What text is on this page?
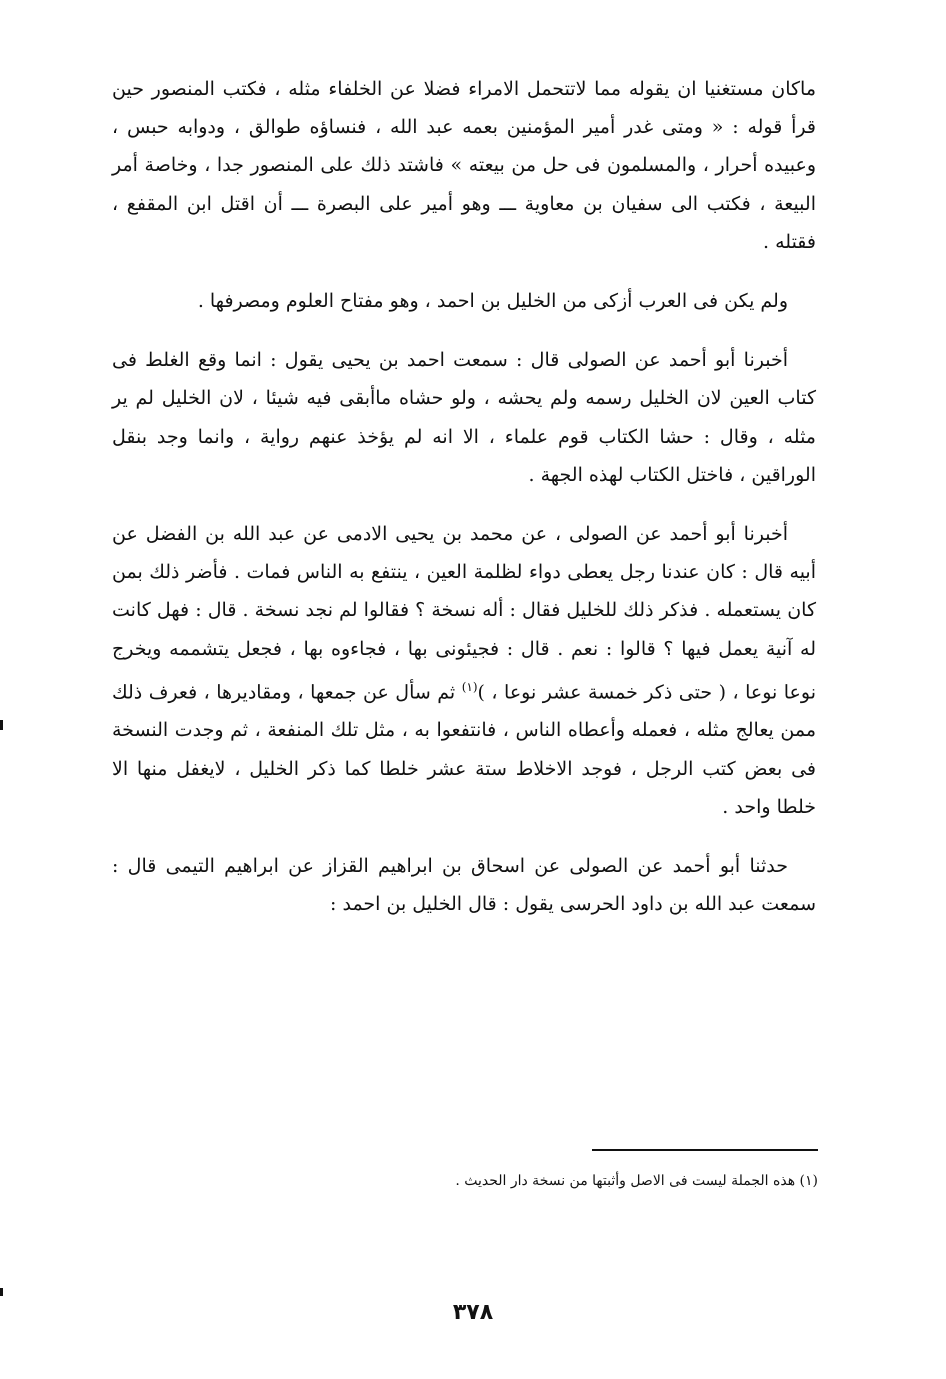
ماكان مستغنيا ان يقوله مما لاتتحمل الامراء فضلا عن الخلفاء مثله ، فكتب المنصور حين قرأ قوله : « ومتى غدر أمير المؤمنين بعمه عبد الله ، فنساؤه طوالق ، ودوابه حبس ، وعبيده أحرار ، والمسلمون فى حل من بيعته » فاشتد ذلك على المنصور جدا ، وخاصة أمر البيعة ، فكتب الى سفيان بن معاوية ـــ وهو أمير على البصرة ـــ أن اقتل ابن المقفع ، فقتله .

ولم يكن فى العرب أزكى من الخليل بن احمد ، وهو مفتاح العلوم ومصرفها .

أخبرنا أبو أحمد عن الصولى قال : سمعت احمد بن يحيى يقول : انما وقع الغلط فى كتاب العين لان الخليل رسمه ولم يحشه ، ولو حشاه ماأبقى فيه شيئا ، لان الخليل لم ير مثله ، وقال : حشا الكتاب قوم علماء ، الا انه لم يؤخذ عنهم رواية ، وانما وجد بنقل الوراقين ، فاختل الكتاب لهذه الجهة .

أخبرنا أبو أحمد عن الصولى ، عن محمد بن يحيى الادمى عن عبد الله بن الفضل عن أبيه قال : كان عندنا رجل يعطى دواء لظلمة العين ، ينتفع به الناس فمات . فأضر ذلك بمن كان يستعمله . فذكر ذلك للخليل فقال : أله نسخة ؟ فقالوا لم نجد نسخة . قال : فهل كانت له آنية يعمل فيها ؟ قالوا : نعم . قال : فجيئونى بها ، فجاءوه بها ، فجعل يتشممه ويخرج نوعا نوعا ، ( حتى ذكر خمسة عشر نوعا ، )$^{(١)}$ ثم سأل عن جمعها ، ومقاديرها ، فعرف ذلك ممن يعالج مثله ، فعمله وأعطاه الناس ، فانتفعوا به ، مثل تلك المنفعة ، ثم وجدت النسخة فى بعض كتب الرجل ، فوجد الاخلاط ستة عشر خلطا كما ذكر الخليل ، لايغفل منها الا خلطا واحد .

حدثنا أبو أحمد عن الصولى عن اسحاق بن ابراهيم القزاز عن ابراهيم التيمى قال : سمعت عبد الله بن داود الحرسى يقول : قال الخليل بن احمد :

(١) هذه الجملة ليست فى الاصل وأثبتها من نسخة دار الحديث .
٣٧٨
